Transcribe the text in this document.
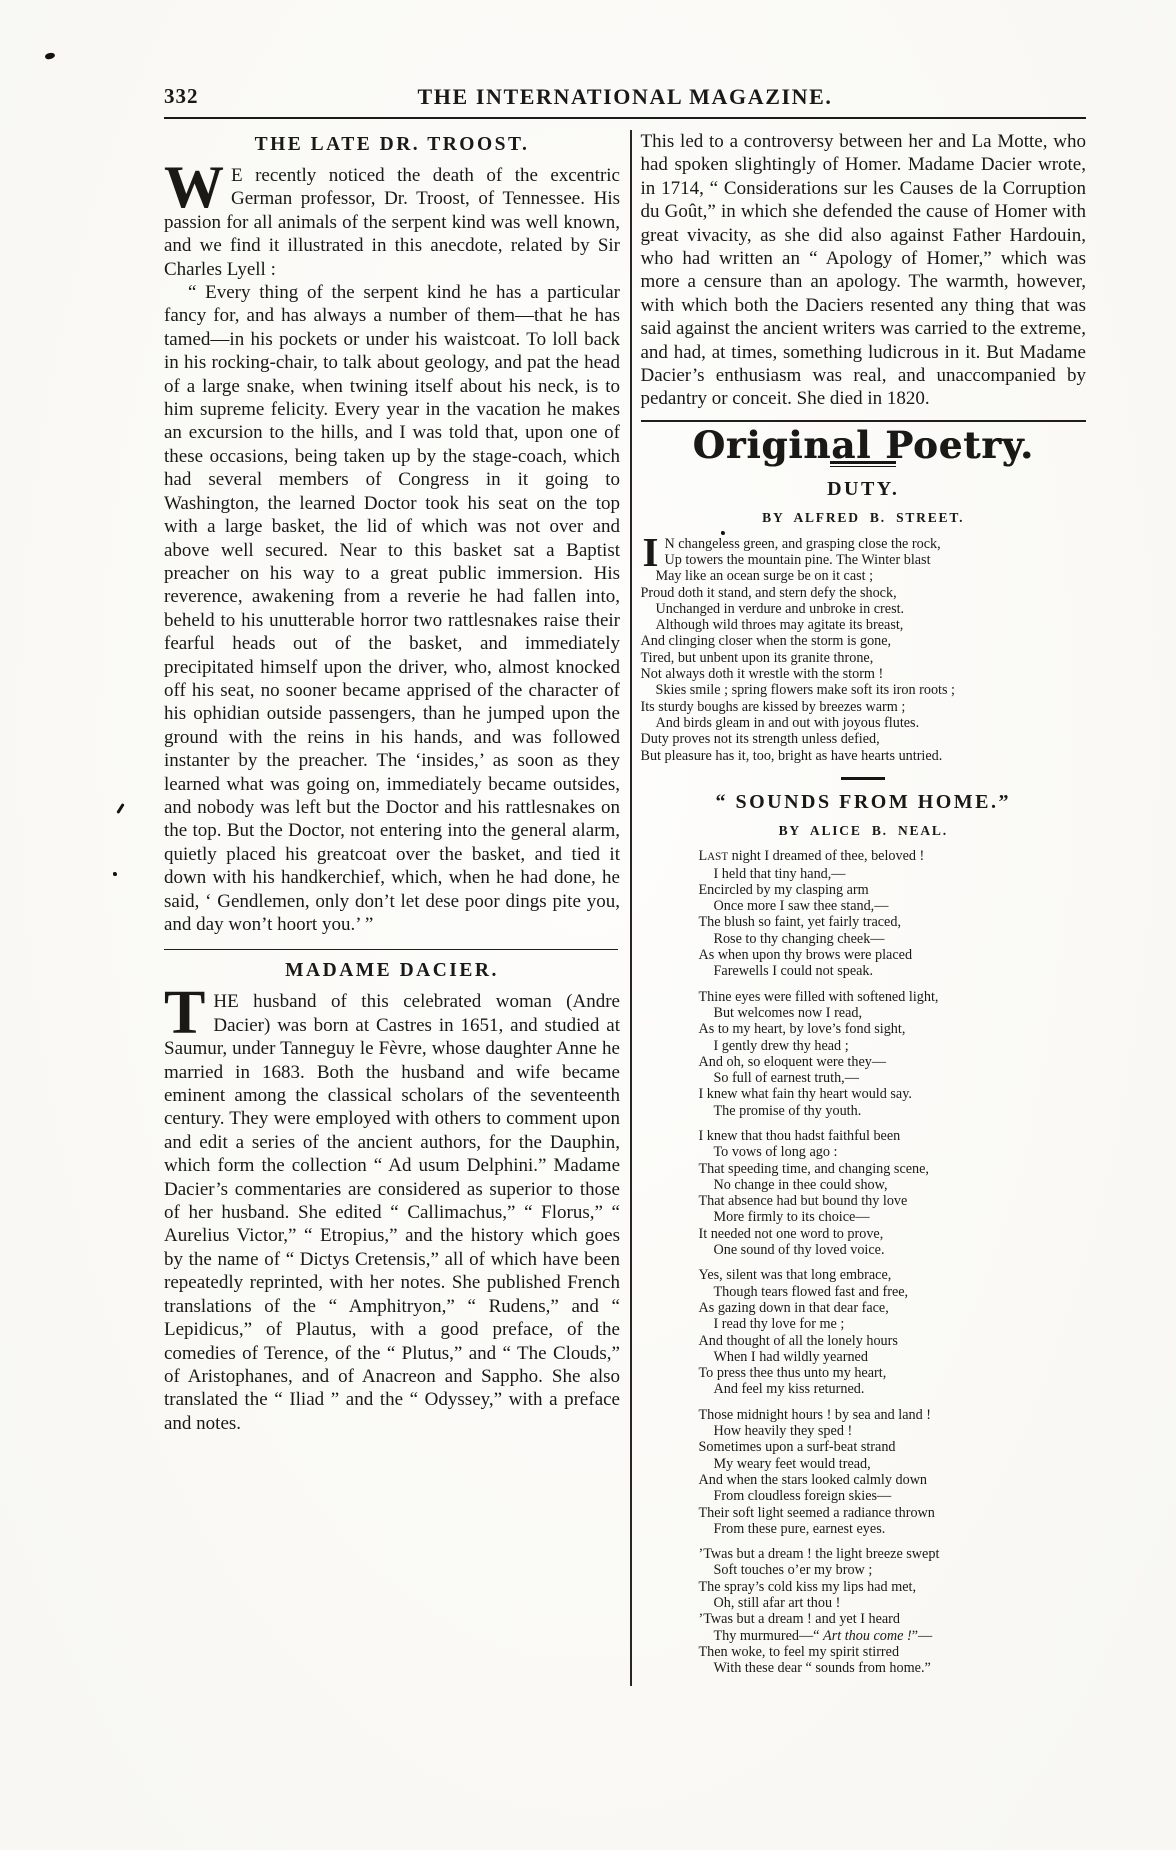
332	THE INTERNATIONAL MAGAZINE.
THE LATE DR. TROOST.

W E recently noticed the death of the excentric German professor, Dr. Troost, of Tennessee. His passion for all animals of the serpent kind was well known, and we find it illustrated in this anecdote, related by Sir Charles Lyell :

“ Every thing of the serpent kind he has a particular fancy for, and has always a number of them—that he has tamed—in his pockets or under his waistcoat. To loll back in his rocking-chair, to talk about geology, and pat the head of a large snake, when twining itself about his neck, is to him supreme felicity. Every year in the vacation he makes an excursion to the hills, and I was told that, upon one of these occasions, being taken up by the stage-coach, which had several members of Congress in it going to Washington, the learned Doctor took his seat on the top with a large basket, the lid of which was not over and above well secured. Near to this basket sat a Baptist preacher on his way to a great public immersion. His reverence, awakening from a reverie he had fallen into, beheld to his unutterable horror two rattlesnakes raise their fearful heads out of the basket, and immediately precipitated himself upon the driver, who, almost knocked off his seat, no sooner became apprised of the character of his ophidian outside passengers, than he jumped upon the ground with the reins in his hands, and was followed instanter by the preacher. The ‘insides,’ as soon as they learned what was going on, immediately became outsides, and nobody was left but the Doctor and his rattlesnakes on the top. But the Doctor, not entering into the general alarm, quietly placed his greatcoat over the basket, and tied it down with his handkerchief, which, when he had done, he said, ‘ Gendlemen, only don’t let dese poor dings pite you, and day won’t hoort you.’ ”

MADAME DACIER.

THE husband of this celebrated woman (Andre Dacier) was born at Castres in 1651, and studied at Saumur, under Tanneguy le Fèvre, whose daughter Anne he married in 1683. Both the husband and wife became eminent among the classical scholars of the seventeenth century. They were employed with others to comment upon and edit a series of the ancient authors, for the Dauphin, which form the collection “ Ad usum Delphini.” Madame Dacier’s commentaries are considered as superior to those of her husband. She edited “ Callimachus,” “ Florus,” “ Aurelius Victor,” “ Etropius,” and the history which goes by the name of “ Dictys Cretensis,” all of which have been repeatedly reprinted, with her notes. She published French translations of the “ Amphitryon,” “ Rudens,” and “ Lepidicus,” of Plautus, with a good preface, of the comedies of Terence, of the “ Plutus,” and “ The Clouds,” of Aristophanes, and of Anacreon and Sappho. She also translated the “ Iliad ” and the “ Odyssey,” with a preface and notes.

This led to a controversy between her and La Motte, who had spoken slightingly of Homer. Madame Dacier wrote, in 1714, “ Considerations sur les Causes de la Corruption du Goût,” in which she defended the cause of Homer with great vivacity, as she did also against Father Hardouin, who had written an “ Apology of Homer,” which was more a censure than an apology. The warmth, however, with which both the Daciers resented any thing that was said against the ancient writers was carried to the extreme, and had, at times, something ludicrous in it. But Madame Dacier’s enthusiasm was real, and unaccompanied by pedantry or conceit. She died in 1820.

Original Poetry.
DUTY.
BY ALFRED B. STREET.
I N changeless green, and grasping close the rock,
Up towers the mountain pine. The Winter blast
May like an ocean surge be on it cast ;
Proud doth it stand, and stern defy the shock,
Unchanged in verdure and unbroke in crest.
Although wild throes may agitate its breast,
And clinging closer when the storm is gone,
Tired, but unbent upon its granite throne,
Not always doth it wrestle with the storm !
Skies smile ; spring flowers make soft its iron roots ;
Its sturdy boughs are kissed by breezes warm ;
And birds gleam in and out with joyous flutes.
Duty proves not its strength unless defied,
But pleasure has it, too, bright as have hearts untried.
“ SOUNDS FROM HOME.”
BY ALICE B. NEAL.
LAST night I dreamed of thee, beloved !
I held that tiny hand,—
Encircled by my clasping arm
Once more I saw thee stand,—
The blush so faint, yet fairly traced,
Rose to thy changing cheek—
As when upon thy brows were placed
Farewells I could not speak.
Thine eyes were filled with softened light,
But welcomes now I read,
As to my heart, by love’s fond sight,
I gently drew thy head ;
And oh, so eloquent were they—
So full of earnest truth,—
I knew what fain thy heart would say.
The promise of thy youth.
I knew that thou hadst faithful been
To vows of long ago :
That speeding time, and changing scene,
No change in thee could show,
That absence had but bound thy love
More firmly to its choice—
It needed not one word to prove,
One sound of thy loved voice.
Yes, silent was that long embrace,
Though tears flowed fast and free,
As gazing down in that dear face,
I read thy love for me ;
And thought of all the lonely hours
When I had wildly yearned
To press thee thus unto my heart,
And feel my kiss returned.
Those midnight hours ! by sea and land !
How heavily they sped !
Sometimes upon a surf-beat strand
My weary feet would tread,
And when the stars looked calmly down
From cloudless foreign skies—
Their soft light seemed a radiance thrown
From these pure, earnest eyes.
’Twas but a dream ! the light breeze swept
Soft touches o’er my brow ;
The spray’s cold kiss my lips had met,
Oh, still afar art thou !
’Twas but a dream ! and yet I heard
Thy murmured—“ Art thou come !”—
Then woke, to feel my spirit stirred
With these dear “ sounds from home.”
